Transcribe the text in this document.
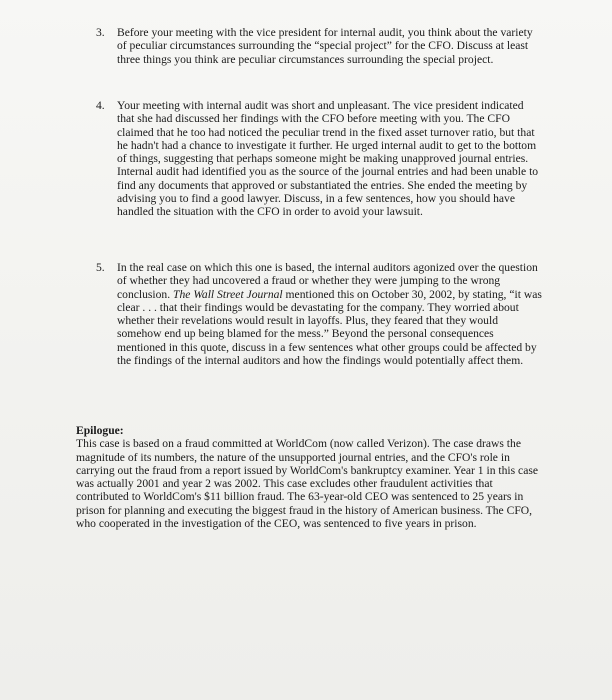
3.	Before your meeting with the vice president for internal audit, you think about the variety of peculiar circumstances surrounding the “special project” for the CFO. Discuss at least three things you think are peculiar circumstances surrounding the special project.
4.	Your meeting with internal audit was short and unpleasant. The vice president indicated that she had discussed her findings with the CFO before meeting with you. The CFO claimed that he too had noticed the peculiar trend in the fixed asset turnover ratio, but that he hadn't had a chance to investigate it further. He urged internal audit to get to the bottom of things, suggesting that perhaps someone might be making unapproved journal entries. Internal audit had identified you as the source of the journal entries and had been unable to find any documents that approved or substantiated the entries. She ended the meeting by advising you to find a good lawyer. Discuss, in a few sentences, how you should have handled the situation with the CFO in order to avoid your lawsuit.
5.	In the real case on which this one is based, the internal auditors agonized over the question of whether they had uncovered a fraud or whether they were jumping to the wrong conclusion. The Wall Street Journal mentioned this on October 30, 2002, by stating, “it was clear . . . that their findings would be devastating for the company. They worried about whether their revelations would result in layoffs. Plus, they feared that they would somehow end up being blamed for the mess.” Beyond the personal consequences mentioned in this quote, discuss in a few sentences what other groups could be affected by the findings of the internal auditors and how the findings would potentially affect them.
Epilogue:
This case is based on a fraud committed at WorldCom (now called Verizon). The case draws the magnitude of its numbers, the nature of the unsupported journal entries, and the CFO's role in carrying out the fraud from a report issued by WorldCom's bankruptcy examiner. Year 1 in this case was actually 2001 and year 2 was 2002. This case excludes other fraudulent activities that contributed to WorldCom's $11 billion fraud. The 63-year-old CEO was sentenced to 25 years in prison for planning and executing the biggest fraud in the history of American business. The CFO, who cooperated in the investigation of the CEO, was sentenced to five years in prison.
